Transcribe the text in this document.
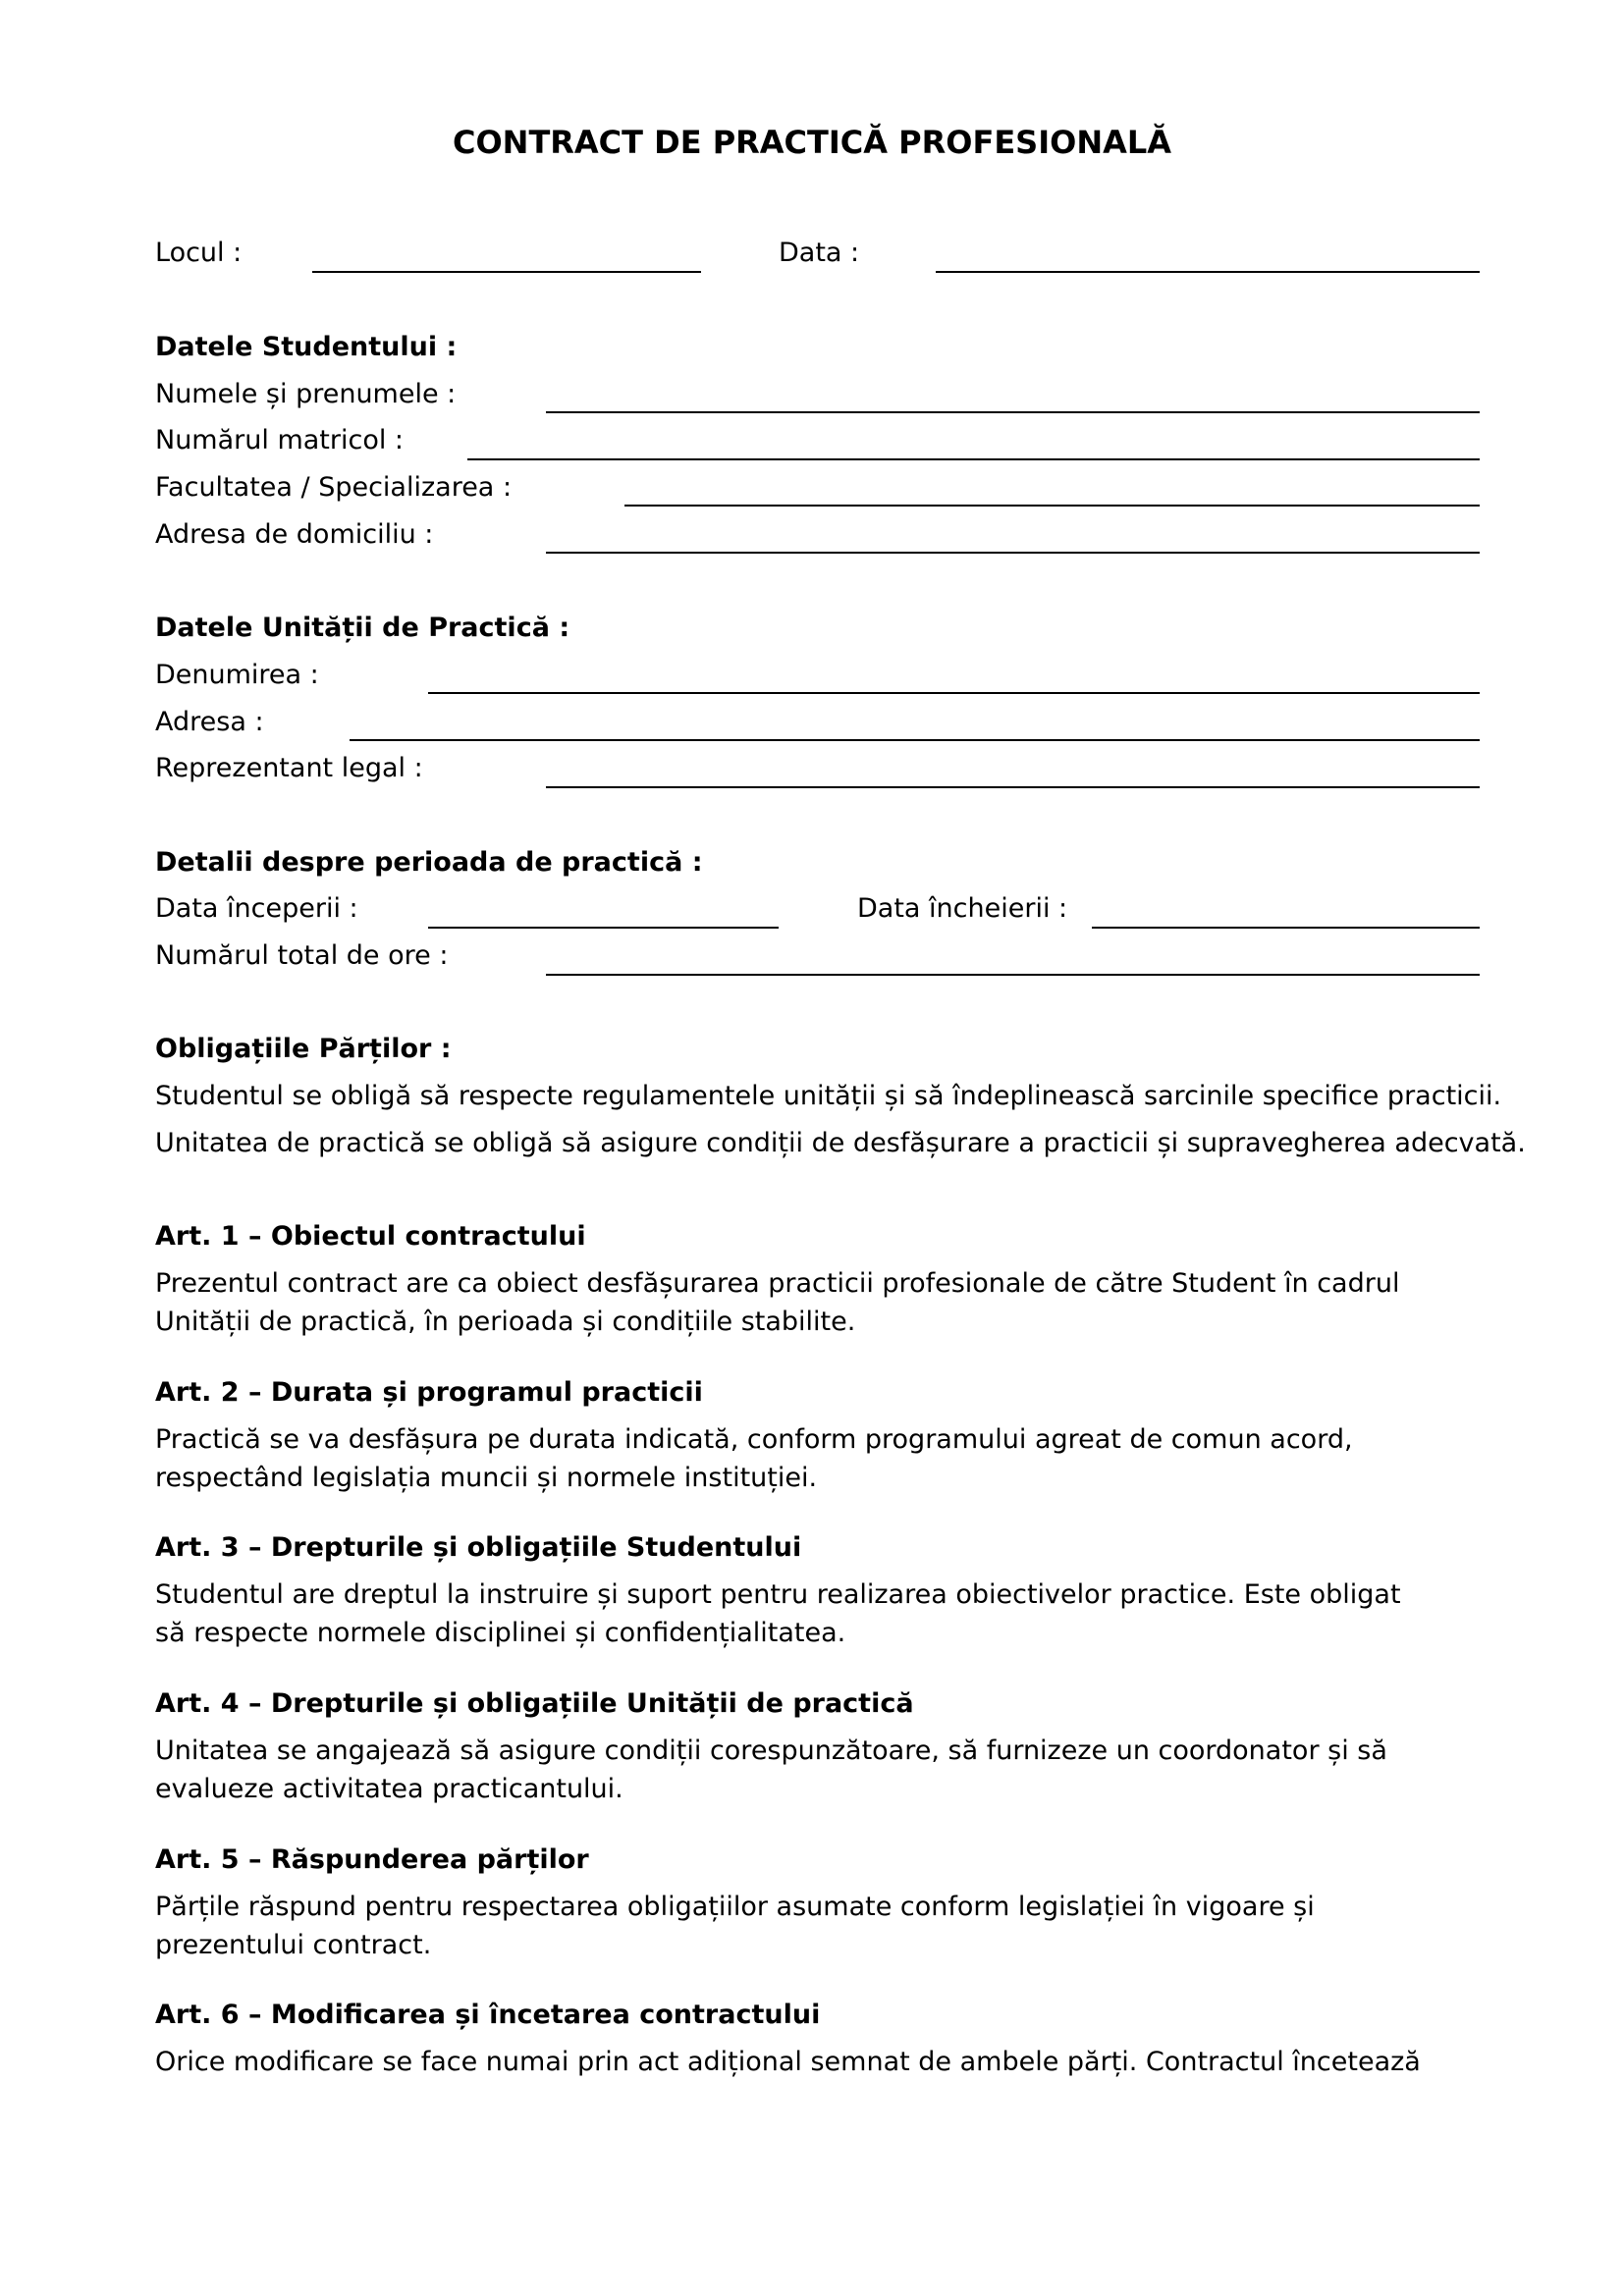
CONTRACT DE PRACTICĂ PROFESIONALĂ
Locul :	Data :
Datele Studentului :
Numele și prenumele :
Numărul matricol :
Facultatea / Specializarea :
Adresa de domiciliu :
Datele Unității de Practică :
Denumirea :
Adresa :
Reprezentant legal :
Detalii despre perioada de practică :
Data începerii :	Data încheierii :
Numărul total de ore :
Obligațiile Părților :
Studentul se obligă să respecte regulamentele unității și să îndeplinească sarcinile specifice practicii.
Unitatea de practică se obligă să asigure condiții de desfășurare a practicii și supravegherea adecvată.
Art. 1 – Obiectul contractului
Prezentul contract are ca obiect desfășurarea practicii profesionale de către Student în cadrul
Unității de practică, în perioada și condițiile stabilite.
Art. 2 – Durata și programul practicii
Practică se va desfășura pe durata indicată, conform programului agreat de comun acord,
respectând legislația muncii și normele instituției.
Art. 3 – Drepturile și obligațiile Studentului
Studentul are dreptul la instruire și suport pentru realizarea obiectivelor practice. Este obligat
să respecte normele disciplinei și confidențialitatea.
Art. 4 – Drepturile și obligațiile Unității de practică
Unitatea se angajează să asigure condiții corespunzătoare, să furnizeze un coordonator și să
evalueze activitatea practicantului.
Art. 5 – Răspunderea părților
Părțile răspund pentru respectarea obligațiilor asumate conform legislației în vigoare și
prezentului contract.
Art. 6 – Modificarea și încetarea contractului
Orice modificare se face numai prin act adițional semnat de ambele părți. Contractul încetează
